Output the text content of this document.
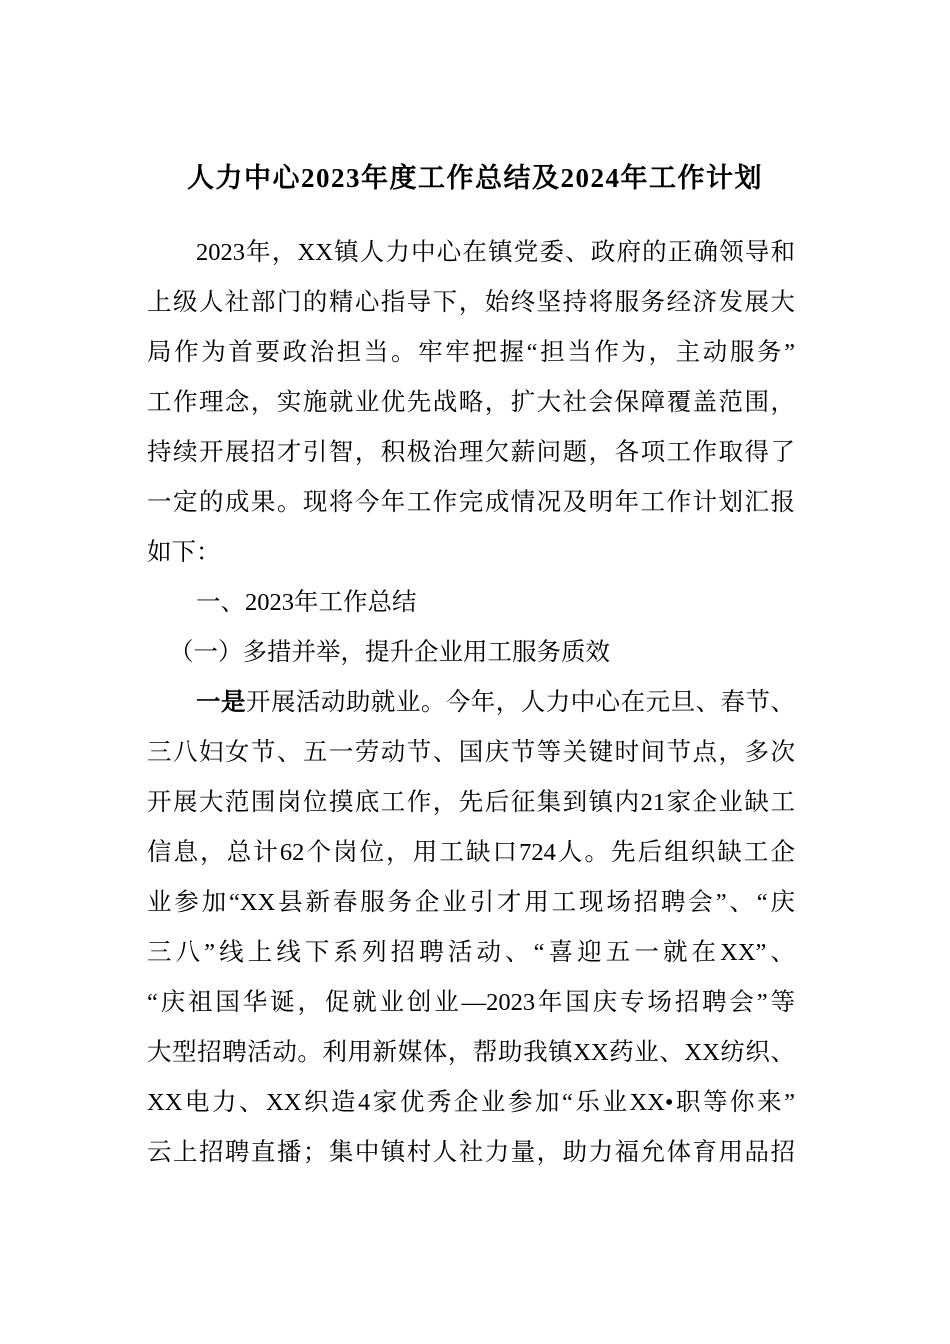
人力中心2023年度工作总结及2024年工作计划
2023年，XX镇人力中心在镇党委、政府的正确领导和
上级人社部门的精心指导下，始终坚持将服务经济发展大
局作为首要政治担当。牢牢把握“担当作为，主动服务”
工作理念，实施就业优先战略，扩大社会保障覆盖范围，
持续开展招才引智，积极治理欠薪问题，各项工作取得了
一定的成果。现将今年工作完成情况及明年工作计划汇报
如下：
一、2023年工作总结
（一）多措并举，提升企业用工服务质效
一是开展活动助就业。今年，人力中心在元旦、春节、
三八妇女节、五一劳动节、国庆节等关键时间节点，多次
开展大范围岗位摸底工作，先后征集到镇内21家企业缺工
信息，总计62个岗位，用工缺口724人。先后组织缺工企
业参加“XX县新春服务企业引才用工现场招聘会”、“庆
三八”线上线下系列招聘活动、“喜迎五一就在XX”、
“庆祖国华诞，促就业创业—2023年国庆专场招聘会”等
大型招聘活动。利用新媒体，帮助我镇XX药业、XX纺织、
XX电力、XX织造4家优秀企业参加“乐业XX•职等你来”
云上招聘直播；集中镇村人社力量，助力福允体育用品招
